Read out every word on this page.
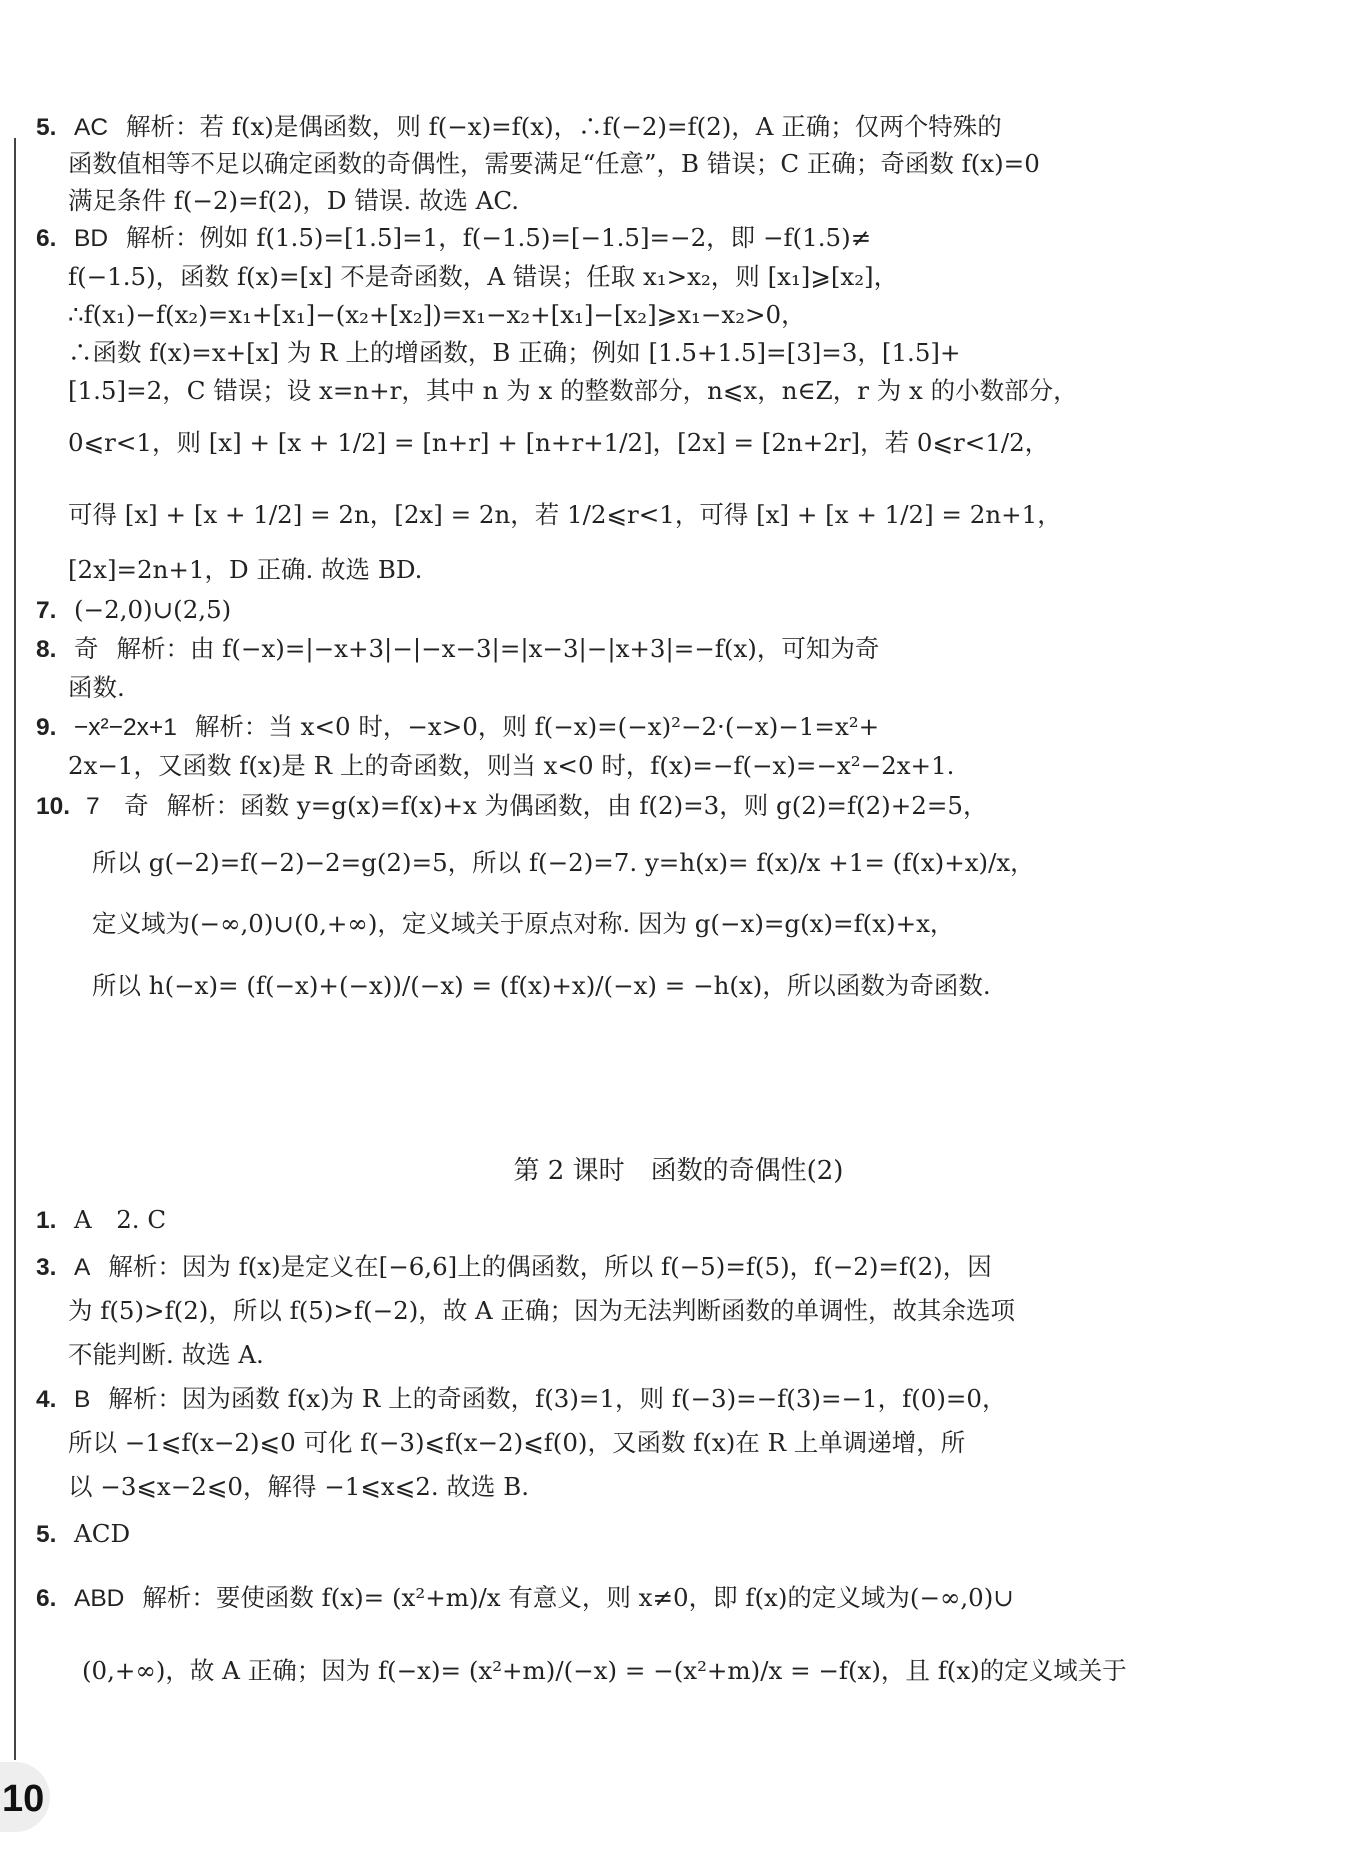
5. AC 解析：若 f(x)是偶函数，则 f(−x)=f(x)，∴f(−2)=f(2)，A 正确；仅两个特殊的
函数值相等不足以确定函数的奇偶性，需要满足“任意”，B 错误；C 正确；奇函数 f(x)=0
满足条件 f(−2)=f(2)，D 错误. 故选 AC.
6. BD 解析：例如 f(1.5)=[1.5]=1，f(−1.5)=[−1.5]=−2，即 −f(1.5)≠
f(−1.5)，函数 f(x)=[x] 不是奇函数，A 错误；任取 x₁>x₂，则 [x₁]⩾[x₂]，
∴f(x₁)−f(x₂)=x₁+[x₁]−(x₂+[x₂])=x₁−x₂+[x₁]−[x₂]⩾x₁−x₂>0，
∴函数 f(x)=x+[x] 为 R 上的增函数，B 正确；例如 [1.5+1.5]=[3]=3，[1.5]+
[1.5]=2，C 错误；设 x=n+r，其中 n 为 x 的整数部分，n⩽x，n∈Z，r 为 x 的小数部分，
0⩽r<1，则 [x] + [x + 1/2] = [n+r] + [n+r+1/2]，[2x] = [2n+2r]，若 0⩽r<1/2，
可得 [x] + [x + 1/2] = 2n，[2x] = 2n，若 1/2⩽r<1，可得 [x] + [x + 1/2] = 2n+1，
[2x]=2n+1，D 正确. 故选 BD.
7. (−2,0)∪(2,5)
8. 奇 解析：由 f(−x)=|−x+3|−|−x−3|=|x−3|−|x+3|=−f(x)，可知为奇
函数.
9. −x²−2x+1 解析：当 x<0 时，−x>0，则 f(−x)=(−x)²−2·(−x)−1=x²+
2x−1，又函数 f(x)是 R 上的奇函数，则当 x<0 时，f(x)=−f(−x)=−x²−2x+1.
10. 7　奇 解析：函数 y=g(x)=f(x)+x 为偶函数，由 f(2)=3，则 g(2)=f(2)+2=5，
所以 g(−2)=f(−2)−2=g(2)=5，所以 f(−2)=7. y=h(x)= f(x)/x +1= (f(x)+x)/x，
定义域为(−∞,0)∪(0,+∞)，定义域关于原点对称. 因为 g(−x)=g(x)=f(x)+x，
所以 h(−x)= (f(−x)+(−x))/(−x) = (f(x)+x)/(−x) = −h(x)，所以函数为奇函数.
第 2 课时　函数的奇偶性(2)
1. A　2. C
3. A 解析：因为 f(x)是定义在[−6,6]上的偶函数，所以 f(−5)=f(5)，f(−2)=f(2)，因
为 f(5)>f(2)，所以 f(5)>f(−2)，故 A 正确；因为无法判断函数的单调性，故其余选项
不能判断. 故选 A.
4. B 解析：因为函数 f(x)为 R 上的奇函数，f(3)=1，则 f(−3)=−f(3)=−1，f(0)=0，
所以 −1⩽f(x−2)⩽0 可化 f(−3)⩽f(x−2)⩽f(0)，又函数 f(x)在 R 上单调递增，所
以 −3⩽x−2⩽0，解得 −1⩽x⩽2. 故选 B.
5. ACD
6. ABD 解析：要使函数 f(x)= (x²+m)/x 有意义，则 x≠0，即 f(x)的定义域为(−∞,0)∪
(0,+∞)，故 A 正确；因为 f(−x)= (x²+m)/(−x) = −(x²+m)/x = −f(x)，且 f(x)的定义域关于
10
